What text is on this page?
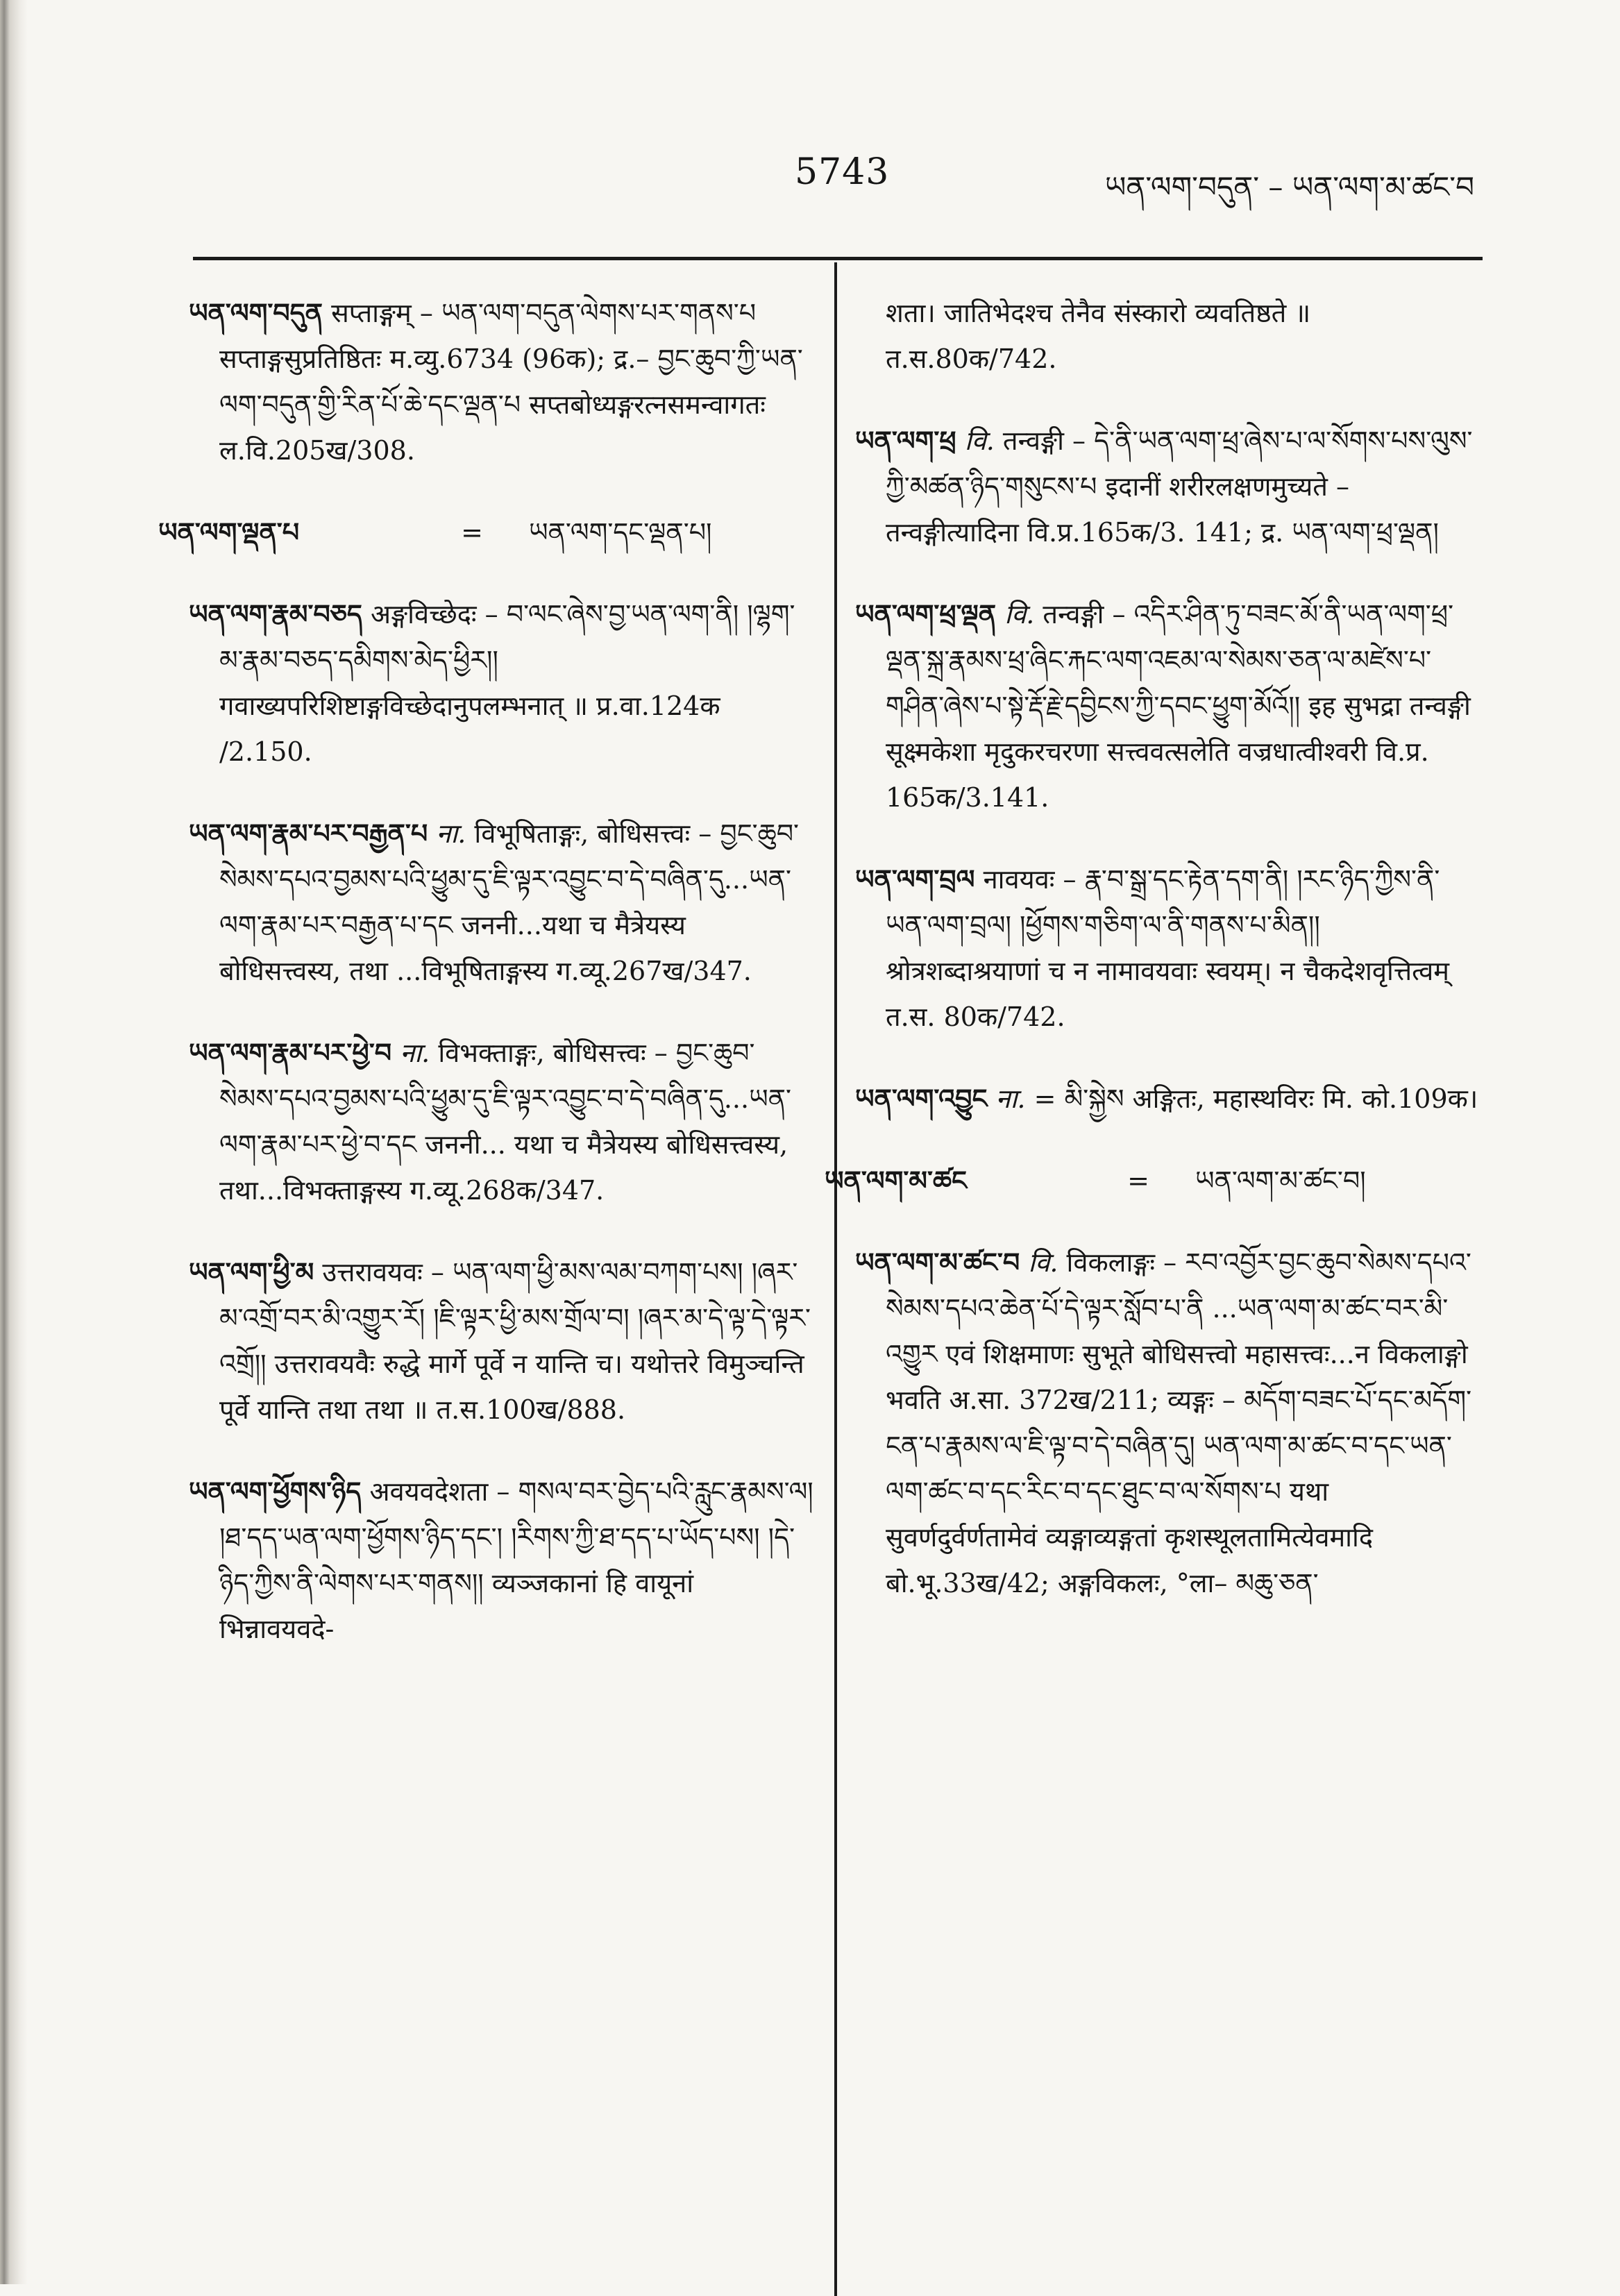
5743	ཡན་ལག་བདུན་ – ཡན་ལག་མ་ཚང་བ
ཡན་ལག་བདུན सप्ताङ्गम् – ཡན་ལག་བདུན་ལེགས་པར་གནས་པ सप्ताङ्गसुप्रतिष्ठितः म.व्यु.6734 (96क); द्र.– བྱང་ཆུབ་ཀྱི་ཡན་ལག་བདུན་གྱི་རིན་པོ་ཆེ་དང་ལྡན་པ सप्तबोध्यङ्गरत्नसमन्वागतः ल.वि.205ख/308.
ཡན་ལག་ལྡན་པ	= ཡན་ལག་དང་ལྡན་པ།
ཡན་ལག་རྣམ་བཅད अङ्गविच्छेदः – བ་ལང་ཞེས་བྱ་ཡན་ལག་ནི། །ལྷག་མ་རྣམ་བཅད་དམིགས་མེད་ཕྱིར།། गवाख्यपरिशिष्टाङ्गविच्छेदानुपलम्भनात् ॥ प्र.वा.124क /2.150.
ཡན་ལག་རྣམ་པར་བརྒྱན་པ ना. विभूषिताङ्गः, बोधिसत्त्वः – བྱང་ཆུབ་སེམས་དཔའ་བྱམས་པའི་ཕྱུམ་དུ་ཇི་ལྟར་འབྱུང་བ་དེ་བཞིན་དུ...ཡན་ལག་རྣམ་པར་བརྒྱན་པ་དང जननी...यथा च मैत्रेयस्य बोधिसत्त्वस्य, तथा ...विभूषिताङ्गस्य ग.व्यू.267ख/347.
ཡན་ལག་རྣམ་པར་ཕྱེ་བ ना. विभक्ताङ्गः, बोधिसत्त्वः – བྱང་ཆུབ་སེམས་དཔའ་བྱམས་པའི་ཕྱུམ་དུ་ཇི་ལྟར་འབྱུང་བ་དེ་བཞིན་དུ...ཡན་ལག་རྣམ་པར་ཕྱེ་བ་དང जननी... यथा च मैत्रेयस्य बोधिसत्त्वस्य, तथा...विभक्ताङ्गस्य ग.व्यू.268क/347.
ཡན་ལག་ཕྱི་མ उत्तरावयवः – ཡན་ལག་ཕྱི་མས་ལམ་བཀག་པས། །ཞར་མ་འགྲོ་བར་མི་འགྱུར་རོ། །ཇི་ལྟར་ཕྱི་མས་གྲོལ་བ། །ཞར་མ་དེ་ལྟ་དེ་ལྟར་འགྲོ།། उत्तरावयवैः रुद्धे मार्गे पूर्वे न यान्ति च। यथोत्तरे विमुञ्चन्ति पूर्वे यान्ति तथा तथा ॥ त.स.100ख/888.
ཡན་ལག་ཕྱོགས་ཉིད अवयवदेशता – གསལ་བར་བྱེད་པའི་རླུང་རྣམས་ལ། །ཐ་དད་ཡན་ལག་ཕྱོགས་ཉིད་དང་། །རིགས་ཀྱི་ཐ་དད་པ་ཡོད་པས། །དེ་ཉིད་ཀྱིས་ནི་ལེགས་པར་གནས།། व्यञ्जकानां हि वायूनां भिन्नावयवदे-
शता। जातिभेदश्च तेनैव संस्कारो व्यवतिष्ठते ॥ त.स.80क/742.
ཡན་ལག་ཕྲ वि. तन्वङ्गी – དེ་ནི་ཡན་ལག་ཕྲ་ཞེས་པ་ལ་སོགས་པས་ལུས་ཀྱི་མཚན་ཉིད་གསུངས་པ इदानीं शरीरलक्षणमुच्यते – तन्वङ्गीत्यादिना वि.प्र.165क/3. 141; द्र. ཡན་ལག་ཕྲ་ལྡན།
ཡན་ལག་ཕྲ་ལྡན वि. तन्वङ्गी – འདིར་ཤིན་ཏུ་བཟང་མོ་ནི་ཡན་ལག་ཕྲ་ལྡན་སྐྲ་རྣམས་ཕྲ་ཞིང་རྐང་ལག་འཇམ་ལ་སེམས་ཅན་ལ་མཛེས་པ་གཤིན་ཞེས་པ་སྟེ་རྡོ་རྗེ་དབྱིངས་ཀྱི་དབང་ཕྱུག་མོའོ།། इह सुभद्रा तन्वङ्गी सूक्ष्मकेशा मृदुकरचरणा सत्त्ववत्सलेति वज्रधात्वीश्वरी वि.प्र. 165क/3.141.
ཡན་ལག་བྲལ नावयवः – རྣ་བ་སྒྲ་དང་རྟེན་དག་ནི། །རང་ཉིད་ཀྱིས་ནི་ཡན་ལག་བྲལ། །ཕྱོགས་གཅིག་ལ་ནི་གནས་པ་མིན།། श्रोत्रशब्दाश्रयाणां च न नामावयवाः स्वयम्। न चैकदेशवृत्तित्वम् त.स. 80क/742.
ཡན་ལག་འབྱུང ना. = མི་སྐྱེས अङ्गितः, महास्थविरः मि. को.109क।
ཡན་ལག་མ་ཚང	= ཡན་ལག་མ་ཚང་བ།
ཡན་ལག་མ་ཚང་བ वि. विकलाङ्गः – རབ་འབྱོར་བྱང་ཆུབ་སེམས་དཔའ་སེམས་དཔའ་ཆེན་པོ་དེ་ལྟར་སློབ་པ་ནི ...ཡན་ལག་མ་ཚང་བར་མི་འགྱུར एवं शिक्षमाणः सुभूते बोधिसत्त्वो महासत्त्वः...न विकलाङ्गो भवति अ.सा. 372ख/211; व्यङ्गः – མདོག་བཟང་པོ་དང་མདོག་ངན་པ་རྣམས་ལ་ཇི་ལྟ་བ་དེ་བཞིན་དུ། ཡན་ལག་མ་ཚང་བ་དང་ཡན་ལག་ཚང་བ་དང་རིང་བ་དང་ཐུང་བ་ལ་སོགས་པ यथा सुवर्णदुर्वर्णतामेवं व्यङ्गाव्यङ्गतां कृशस्थूलतामित्येवमादि बो.भू.33ख/42; अङ्गविकलः, °ला– མཆུ་ཅན་
